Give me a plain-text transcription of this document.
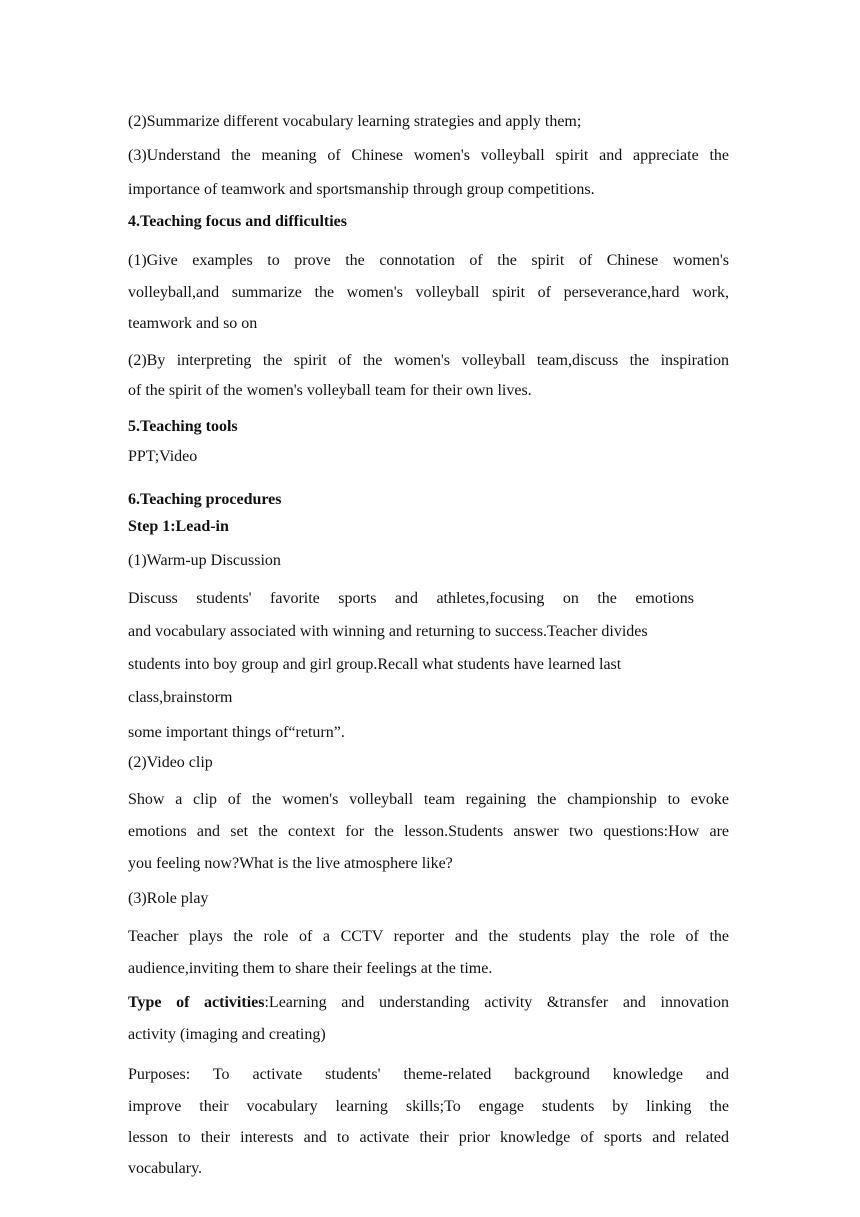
(2)Summarize different vocabulary learning strategies and apply them;
(3)Understand the meaning of Chinese women's volleyball spirit and appreciate the
importance of teamwork and sportsmanship through group competitions.
4.Teaching focus and difficulties
(1)Give examples to prove the connotation of the spirit of Chinese women's
volleyball,and summarize the women's volleyball spirit of perseverance,hard work,
teamwork and so on
(2)By interpreting the spirit of the women's volleyball team,discuss the inspiration
of the spirit of the women's volleyball team for their own lives.
5.Teaching tools
PPT;Video
6.Teaching procedures
Step 1:Lead-in
(1)Warm-up Discussion
Discuss students' favorite sports and athletes,focusing on the emotions
and vocabulary associated with winning and returning to success.Teacher divides
students into boy group and girl group.Recall what students have learned last
class,brainstorm
some important things of“return”.
(2)Video clip
Show a clip of the women's volleyball team regaining the championship to evoke
emotions and set the context for the lesson.Students answer two questions:How are
you feeling now?What is the live atmosphere like?
(3)Role play
Teacher plays the role of a CCTV reporter and the students play the role of the
audience,inviting them to share their feelings at the time.
Type of activities:Learning and understanding activity &transfer and innovation
activity (imaging and creating)
Purposes: To activate students' theme-related background knowledge and
improve their vocabulary learning skills;To engage students by linking the
lesson to their interests and to activate their prior knowledge of sports and related
vocabulary.
